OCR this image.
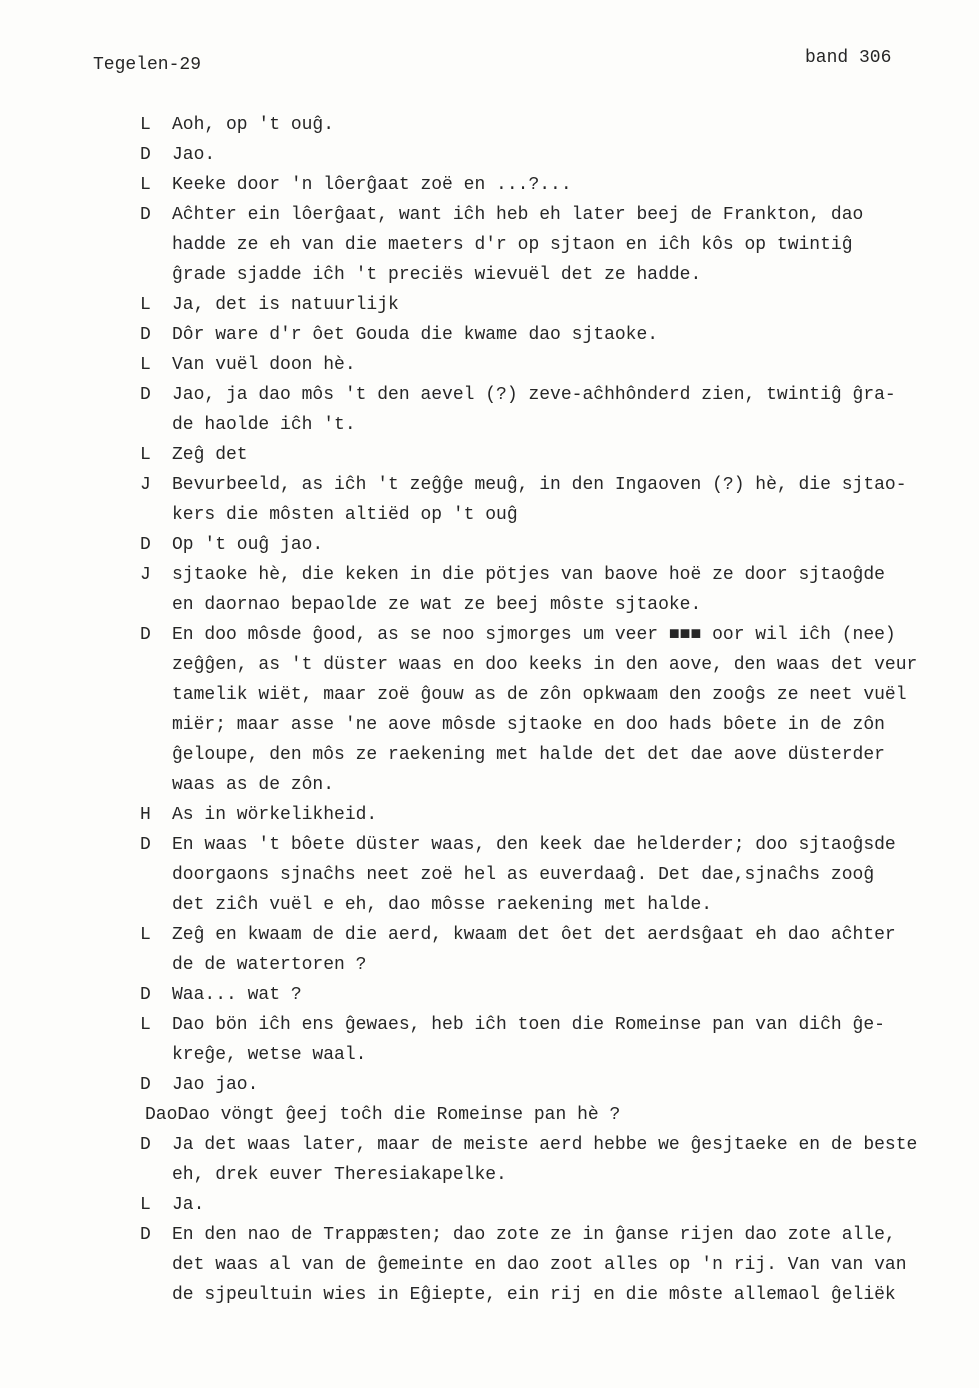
Tegelen-29	band 306
L	Aoh, op 't ouĝ.
D	Jao.
L	Keeke door 'n lôerĝaat zoë en ...?...
D	Aĉhter ein lôerĝaat, want iĉh heb eh later beej de Frankton, dao
hadde ze eh van die maeters d'r op sjtaon en iĉh kôs op twintiĝ
ĝrade sjadde iĉh 't preciës wievuël det ze hadde.
L	Ja, det is natuurlijk
D	Dôr ware d'r ôet Gouda die kwame dao sjtaoke.
L	Van vuël doon hè.
D	Jao, ja dao môs 't den aevel (?) zeve-aĉhhônderd zien, twintiĝ ĝra-
de haolde iĉh 't.
L	Zeĝ det
J	Bevurbeeld, as iĉh 't zeĝĝe meuĝ, in den Ingaoven (?) hè, die sjtao-
kers die môsten altiëd op 't ouĝ
D	Op 't ouĝ jao.
J	sjtaoke hè, die keken in die pötjes van baove hoë ze door sjtaoĝde
en daornao bepaolde ze wat ze beej môste sjtaoke.
D	En doo môsde ĝood, as se noo sjmorges um veer ■■■ oor wil iĉh (nee)
zeĝĝen, as 't düster waas en doo keeks in den aove, den waas det veur
tamelik wiët, maar zoë ĝouw as de zôn opkwaam den zooĝs ze neet vuël
miër; maar asse 'ne aove môsde sjtaoke en doo hads bôete in de zôn
ĝeloupe, den môs ze raekening met halde det det dae aove düsterder
waas as de zôn.
H	As in wörkelikheid.
D	En waas 't bôete düster waas, den keek dae helderder; doo sjtaoĝsde
doorgaons sjnaĉhs neet zoë hel as euverdaaĝ. Det dae,sjnaĉhs zooĝ
det ziĉh vuël e eh, dao môsse raekening met halde.
L	Zeĝ en kwaam de die aerd, kwaam det ôet det aerdsĝaat eh dao aĉhter
de de watertoren ?
D	Waa... wat ?
L	Dao bön iĉh ens ĝewaes, heb iĉh toen die Romeinse pan van diĉh ĝe-
kreĝe, wetse waal.
D	Jao jao.
DaoDao vöngt ĝeej toĉh die Romeinse pan hè ?
D	Ja det waas later, maar de meiste aerd hebbe we ĝesjtaeke en de beste
eh, drek euver Theresiakapelke.
L	Ja.
D	En den nao de Trappæsten; dao zote ze in ĝanse rijen dao zote alle,
det waas al van de ĝemeinte en dao zoot alles op 'n rij. Van van van
de sjpeultuin wies in Eĝiepte, ein rij en die môste allemaol ĝeliëk
